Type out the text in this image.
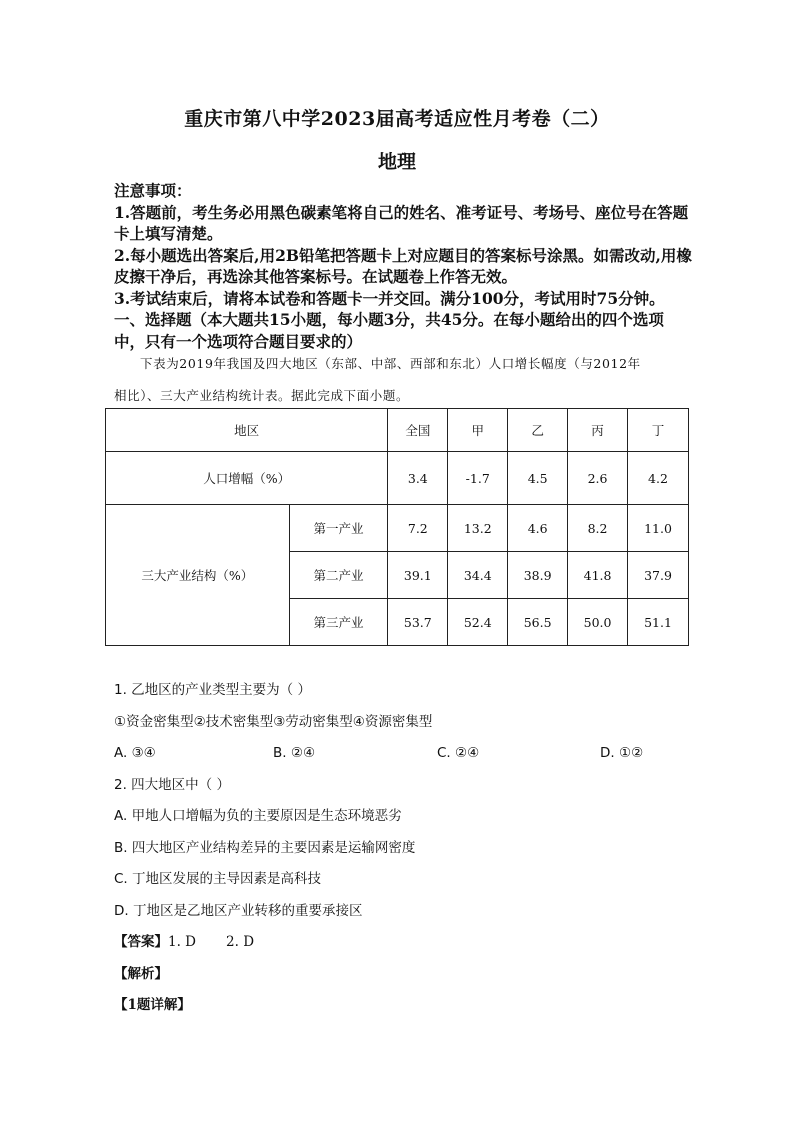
重庆市第八中学2023届高考适应性月考卷（二）
地理

注意事项：

1.答题前，考生务必用黑色碳素笔将自己的姓名、准考证号、考场号、座位号在答题卡上填写清楚。

2.每小题选出答案后,用2B铅笔把答题卡上对应题目的答案标号涂黑。如需改动,用橡皮擦干净后，再选涂其他答案标号。在试题卷上作答无效。

3.考试结束后，请将本试卷和答题卡一并交回。满分100分，考试用时75分钟。

一、选择题（本大题共15小题，每小题3分，共45分。在每小题给出的四个选项中，只有一个选项符合题目要求的）

下表为2019年我国及四大地区（东部、中部、西部和东北）人口增长幅度（与2012年

相比）、三大产业结构统计表。据此完成下面小题。

地区		全国	甲	乙	丙	丁
人口增幅（%）		3.4	-1.7	4.5	2.6	4.2
三大产业结构（%）	第一产业	7.2	13.2	4.6	8.2	11.0
	第二产业	39.1	34.4	38.9	41.8	37.9
	第三产业	53.7	52.4	56.5	50.0	51.1
1. 乙地区的产业类型主要为（ ）
①资金密集型②技术密集型③劳动密集型④资源密集型
A. ③④	B. ②④	C. ②④	D. ①②
2. 四大地区中（ ）
A. 甲地人口增幅为负的主要原因是生态环境恶劣
B. 四大地区产业结构差异的主要因素是运输网密度
C. 丁地区发展的主导因素是高科技
D. 丁地区是乙地区产业转移的重要承接区
【答案】1. D       2. D
【解析】
【1题详解】
